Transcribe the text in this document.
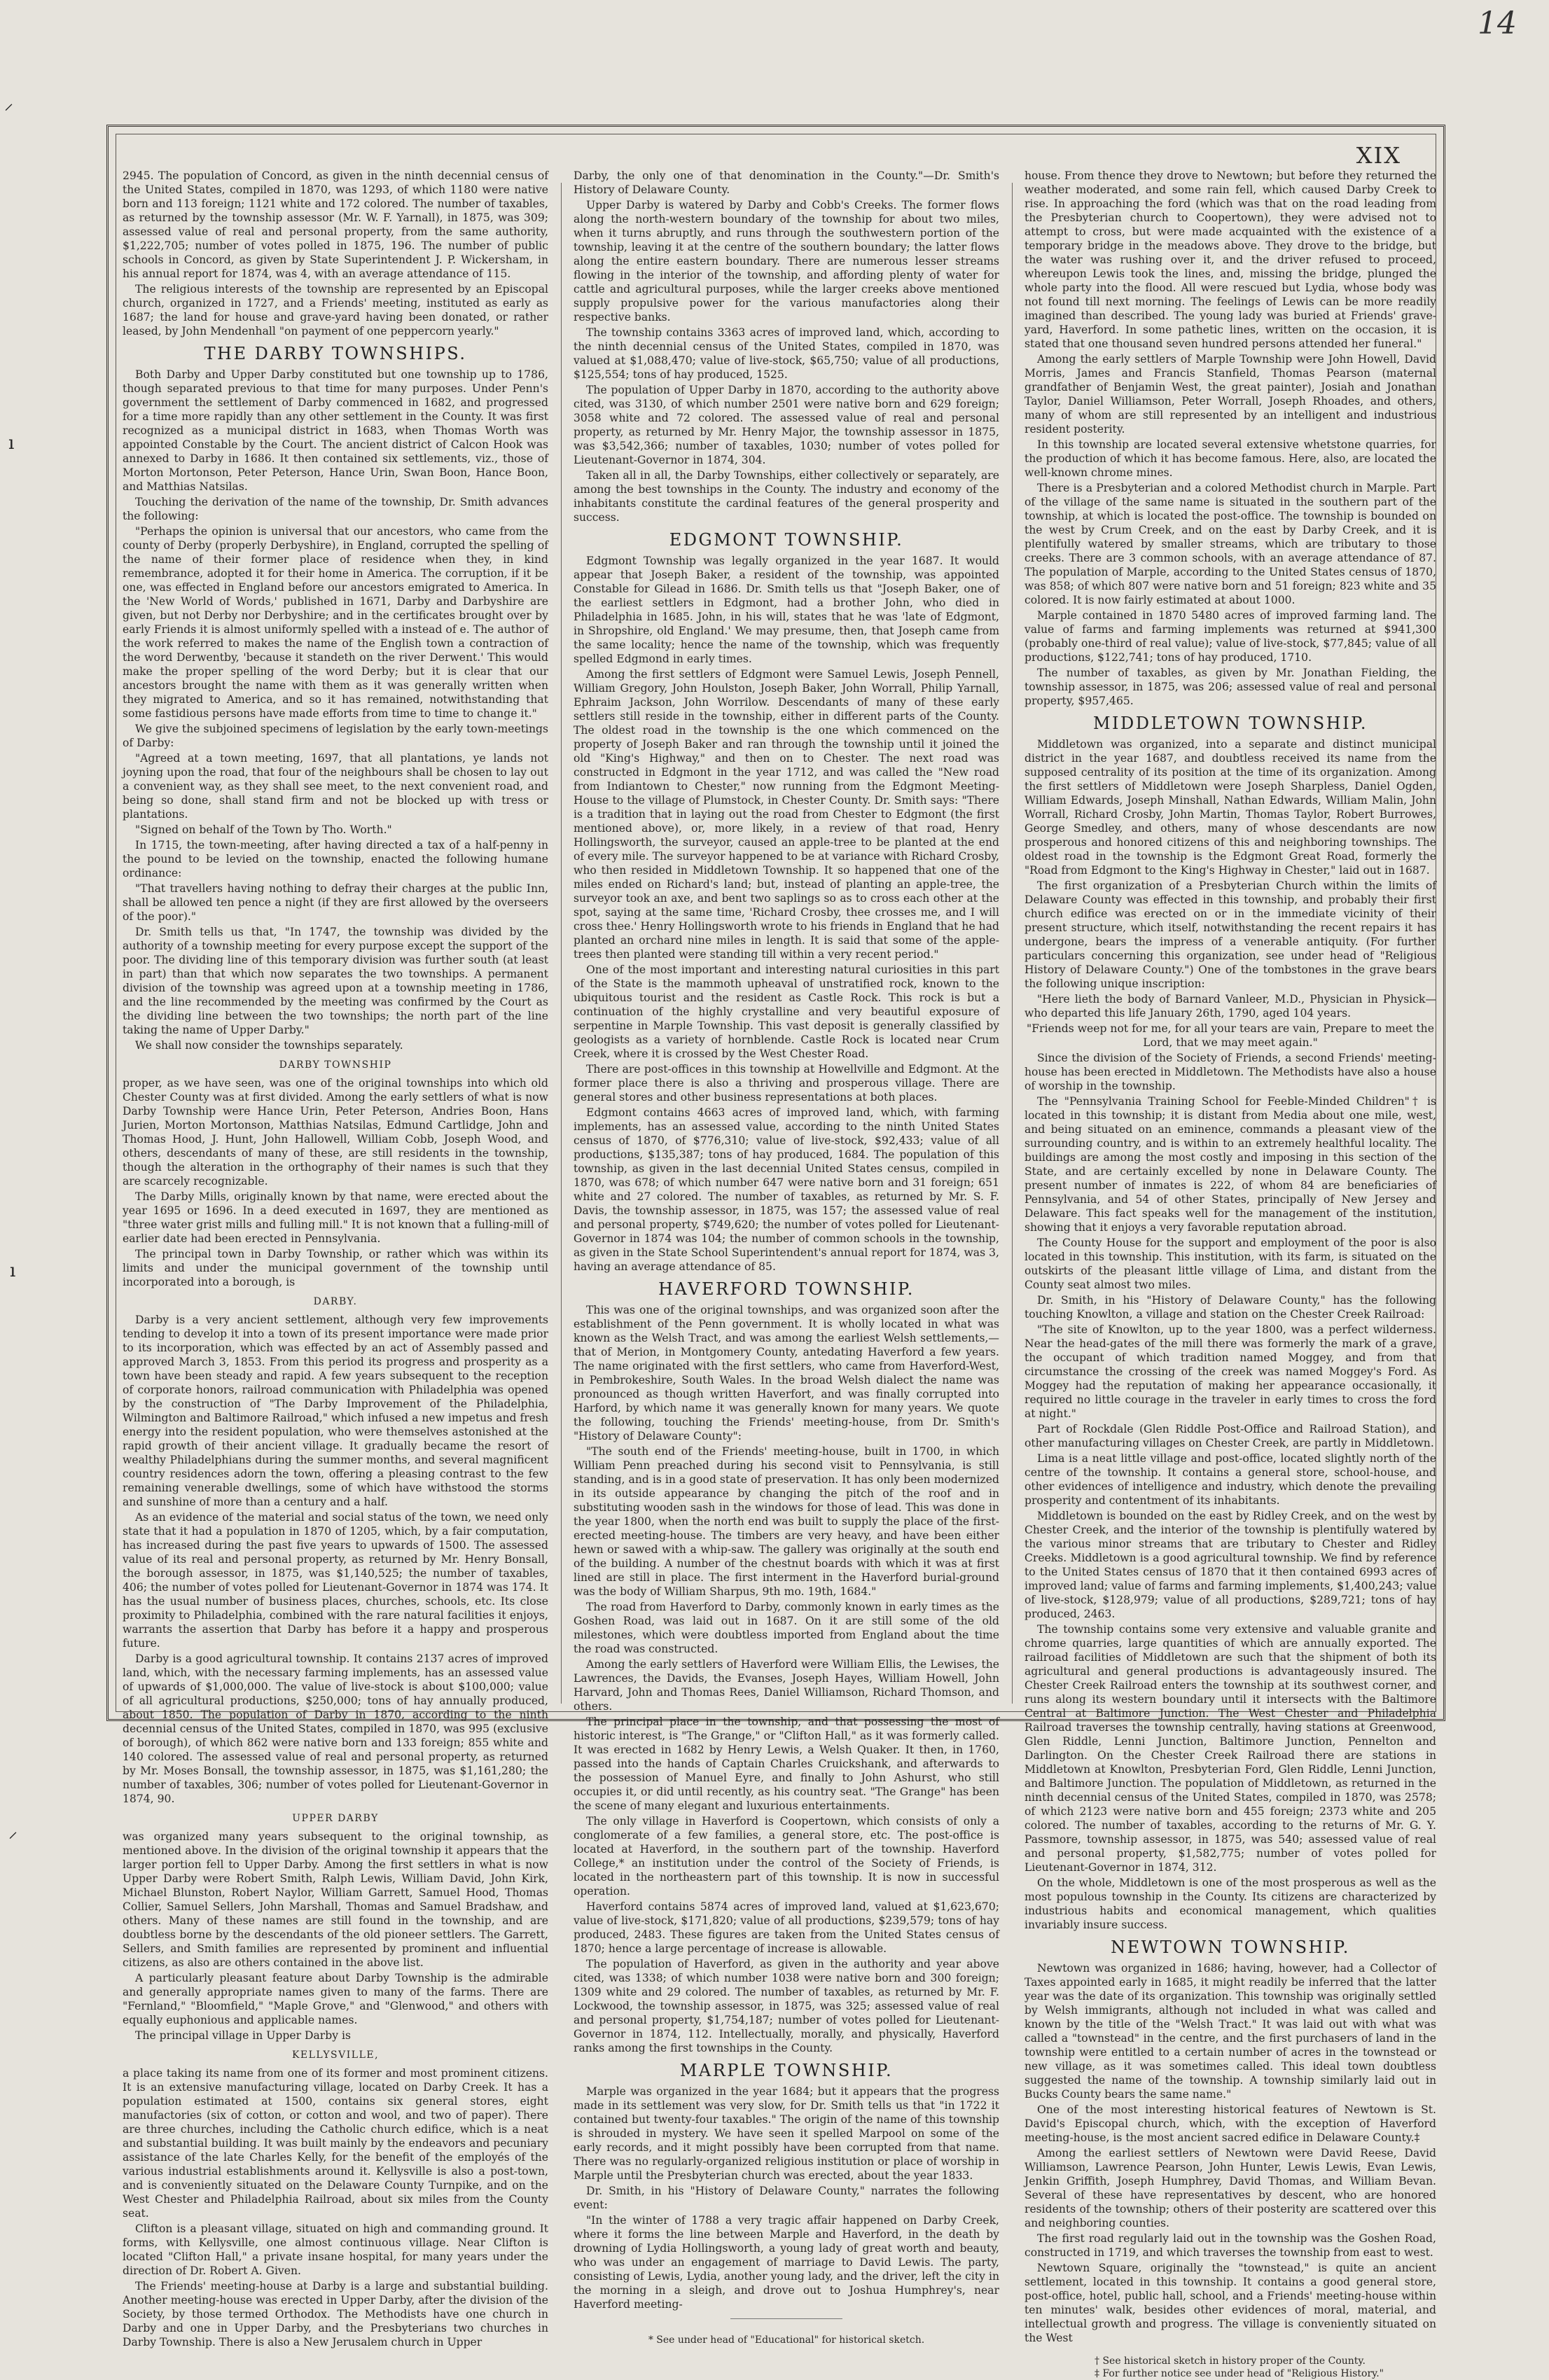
14
⸝
ı
ı
⸝
XIX

2945. The population of Concord, as given in the ninth decennial census of the United States, compiled in 1870, was 1293, of which 1180 were native born and 113 foreign; 1121 white and 172 colored. The number of taxables, as returned by the township assessor (Mr. W. F. Yarnall), in 1875, was 309; assessed value of real and personal property, from the same authority, $1,222,705; number of votes polled in 1875, 196. The number of public schools in Concord, as given by State Superintendent J. P. Wickersham, in his annual report for 1874, was 4, with an average attendance of 115.

The religious interests of the township are represented by an Episcopal church, organized in 1727, and a Friends' meeting, instituted as early as 1687; the land for house and grave-yard having been donated, or rather leased, by John Mendenhall "on payment of one peppercorn yearly."

THE DARBY TOWNSHIPS.

Both Darby and Upper Darby constituted but one township up to 1786, though separated previous to that time for many purposes. Under Penn's government the settlement of Darby commenced in 1682, and progressed for a time more rapidly than any other settlement in the County. It was first recognized as a municipal district in 1683, when Thomas Worth was appointed Constable by the Court. The ancient district of Calcon Hook was annexed to Darby in 1686. It then contained six settlements, viz., those of Morton Mortonson, Peter Peterson, Hance Urin, Swan Boon, Hance Boon, and Matthias Natsilas.

Touching the derivation of the name of the township, Dr. Smith advances the following:

"Perhaps the opinion is universal that our ancestors, who came from the county of Derby (properly Derbyshire), in England, corrupted the spelling of the name of their former place of residence when they, in kind remembrance, adopted it for their home in America. The corruption, if it be one, was effected in England before our ancestors emigrated to America. In the 'New World of Words,' published in 1671, Darby and Darbyshire are given, but not Derby nor Derbyshire; and in the certificates brought over by early Friends it is almost uniformly spelled with a instead of e. The author of the work referred to makes the name of the English town a contraction of the word Derwentby, 'because it standeth on the river Derwent.' This would make the proper spelling of the word Derby; but it is clear that our ancestors brought the name with them as it was generally written when they migrated to America, and so it has remained, notwithstanding that some fastidious persons have made efforts from time to time to change it."

We give the subjoined specimens of legislation by the early town-meetings of Darby:

"Agreed at a town meeting, 1697, that all plantations, ye lands not joyning upon the road, that four of the neighbours shall be chosen to lay out a convenient way, as they shall see meet, to the next convenient road, and being so done, shall stand firm and not be blocked up with tress or plantations.

"Signed on behalf of the Town by Tho. Worth."

In 1715, the town-meeting, after having directed a tax of a half-penny in the pound to be levied on the township, enacted the following humane ordinance:

"That travellers having nothing to defray their charges at the public Inn, shall be allowed ten pence a night (if they are first allowed by the overseers of the poor)."

Dr. Smith tells us that, "In 1747, the township was divided by the authority of a township meeting for every purpose except the support of the poor. The dividing line of this temporary division was further south (at least in part) than that which now separates the two townships. A permanent division of the township was agreed upon at a township meeting in 1786, and the line recommended by the meeting was confirmed by the Court as the dividing line between the two townships; the north part of the line taking the name of Upper Darby."

We shall now consider the townships separately.

DARBY TOWNSHIP

proper, as we have seen, was one of the original townships into which old Chester County was at first divided. Among the early settlers of what is now Darby Township were Hance Urin, Peter Peterson, Andries Boon, Hans Jurien, Morton Mortonson, Matthias Natsilas, Edmund Cartlidge, John and Thomas Hood, J. Hunt, John Hallowell, William Cobb, Joseph Wood, and others, descendants of many of these, are still residents in the township, though the alteration in the orthography of their names is such that they are scarcely recognizable.

The Darby Mills, originally known by that name, were erected about the year 1695 or 1696. In a deed executed in 1697, they are mentioned as "three water grist mills and fulling mill." It is not known that a fulling-mill of earlier date had been erected in Pennsylvania.

The principal town in Darby Township, or rather which was within its limits and under the municipal government of the township until incorporated into a borough, is

DARBY.

Darby is a very ancient settlement, although very few improvements tending to develop it into a town of its present importance were made prior to its incorporation, which was effected by an act of Assembly passed and approved March 3, 1853. From this period its progress and prosperity as a town have been steady and rapid. A few years subsequent to the reception of corporate honors, railroad communication with Philadelphia was opened by the construction of "The Darby Improvement of the Philadelphia, Wilmington and Baltimore Railroad," which infused a new impetus and fresh energy into the resident population, who were themselves astonished at the rapid growth of their ancient village. It gradually became the resort of wealthy Philadelphians during the summer months, and several magnificent country residences adorn the town, offering a pleasing contrast to the few remaining venerable dwellings, some of which have withstood the storms and sunshine of more than a century and a half.

As an evidence of the material and social status of the town, we need only state that it had a population in 1870 of 1205, which, by a fair computation, has increased during the past five years to upwards of 1500. The assessed value of its real and personal property, as returned by Mr. Henry Bonsall, the borough assessor, in 1875, was $1,140,525; the number of taxables, 406; the number of votes polled for Lieutenant-Governor in 1874 was 174. It has the usual number of business places, churches, schools, etc. Its close proximity to Philadelphia, combined with the rare natural facilities it enjoys, warrants the assertion that Darby has before it a happy and prosperous future.

Darby is a good agricultural township. It contains 2137 acres of improved land, which, with the necessary farming implements, has an assessed value of upwards of $1,000,000. The value of live-stock is about $100,000; value of all agricultural productions, $250,000; tons of hay annually produced, about 1850. The population of Darby in 1870, according to the ninth decennial census of the United States, compiled in 1870, was 995 (exclusive of borough), of which 862 were native born and 133 foreign; 855 white and 140 colored. The assessed value of real and personal property, as returned by Mr. Moses Bonsall, the township assessor, in 1875, was $1,161,280; the number of taxables, 306; number of votes polled for Lieutenant-Governor in 1874, 90.

UPPER DARBY

was organized many years subsequent to the original township, as mentioned above. In the division of the original township it appears that the larger portion fell to Upper Darby. Among the first settlers in what is now Upper Darby were Robert Smith, Ralph Lewis, William David, John Kirk, Michael Blunston, Robert Naylor, William Garrett, Samuel Hood, Thomas Collier, Samuel Sellers, John Marshall, Thomas and Samuel Bradshaw, and others. Many of these names are still found in the township, and are doubtless borne by the descendants of the old pioneer settlers. The Garrett, Sellers, and Smith families are represented by prominent and influential citizens, as also are others contained in the above list.

A particularly pleasant feature about Darby Township is the admirable and generally appropriate names given to many of the farms. There are "Fernland," "Bloomfield," "Maple Grove," and "Glenwood," and others with equally euphonious and applicable names.

The principal village in Upper Darby is

KELLYSVILLE,

a place taking its name from one of its former and most prominent citizens. It is an extensive manufacturing village, located on Darby Creek. It has a population estimated at 1500, contains six general stores, eight manufactories (six of cotton, or cotton and wool, and two of paper). There are three churches, including the Catholic church edifice, which is a neat and substantial building. It was built mainly by the endeavors and pecuniary assistance of the late Charles Kelly, for the benefit of the employés of the various industrial establishments around it. Kellysville is also a post-town, and is conveniently situated on the Delaware County Turnpike, and on the West Chester and Philadelphia Railroad, about six miles from the County seat.

Clifton is a pleasant village, situated on high and commanding ground. It forms, with Kellysville, one almost continuous village. Near Clifton is located "Clifton Hall," a private insane hospital, for many years under the direction of Dr. Robert A. Given.

The Friends' meeting-house at Darby is a large and substantial building. Another meeting-house was erected in Upper Darby, after the division of the Society, by those termed Orthodox. The Methodists have one church in Darby and one in Upper Darby, and the Presbyterians two churches in Darby Township. There is also a New Jerusalem church in Upper

Darby, the only one of that denomination in the County."—Dr. Smith's History of Delaware County.

Upper Darby is watered by Darby and Cobb's Creeks. The former flows along the north-western boundary of the township for about two miles, when it turns abruptly, and runs through the southwestern portion of the township, leaving it at the centre of the southern boundary; the latter flows along the entire eastern boundary. There are numerous lesser streams flowing in the interior of the township, and affording plenty of water for cattle and agricultural purposes, while the larger creeks above mentioned supply propulsive power for the various manufactories along their respective banks.

The township contains 3363 acres of improved land, which, according to the ninth decennial census of the United States, compiled in 1870, was valued at $1,088,470; value of live-stock, $65,750; value of all productions, $125,554; tons of hay produced, 1525.

The population of Upper Darby in 1870, according to the authority above cited, was 3130, of which number 2501 were native born and 629 foreign; 3058 white and 72 colored. The assessed value of real and personal property, as returned by Mr. Henry Major, the township assessor in 1875, was $3,542,366; number of taxables, 1030; number of votes polled for Lieutenant-Governor in 1874, 304.

Taken all in all, the Darby Townships, either collectively or separately, are among the best townships in the County. The industry and economy of the inhabitants constitute the cardinal features of the general prosperity and success.

EDGMONT TOWNSHIP.

Edgmont Township was legally organized in the year 1687. It would appear that Joseph Baker, a resident of the township, was appointed Constable for Gilead in 1686. Dr. Smith tells us that "Joseph Baker, one of the earliest settlers in Edgmont, had a brother John, who died in Philadelphia in 1685. John, in his will, states that he was 'late of Edgmont, in Shropshire, old England.' We may presume, then, that Joseph came from the same locality; hence the name of the township, which was frequently spelled Edgmond in early times.

Among the first settlers of Edgmont were Samuel Lewis, Joseph Pennell, William Gregory, John Houlston, Joseph Baker, John Worrall, Philip Yarnall, Ephraim Jackson, John Worrilow. Descendants of many of these early settlers still reside in the township, either in different parts of the County. The oldest road in the township is the one which commenced on the property of Joseph Baker and ran through the township until it joined the old "King's Highway," and then on to Chester. The next road was constructed in Edgmont in the year 1712, and was called the "New road from Indiantown to Chester," now running from the Edgmont Meeting-House to the village of Plumstock, in Chester County. Dr. Smith says: "There is a tradition that in laying out the road from Chester to Edgmont (the first mentioned above), or, more likely, in a review of that road, Henry Hollingsworth, the surveyor, caused an apple-tree to be planted at the end of every mile. The surveyor happened to be at variance with Richard Crosby, who then resided in Middletown Township. It so happened that one of the miles ended on Richard's land; but, instead of planting an apple-tree, the surveyor took an axe, and bent two saplings so as to cross each other at the spot, saying at the same time, 'Richard Crosby, thee crosses me, and I will cross thee.' Henry Hollingsworth wrote to his friends in England that he had planted an orchard nine miles in length. It is said that some of the apple-trees then planted were standing till within a very recent period."

One of the most important and interesting natural curiosities in this part of the State is the mammoth upheaval of unstratified rock, known to the ubiquitous tourist and the resident as Castle Rock. This rock is but a continuation of the highly crystalline and very beautiful exposure of serpentine in Marple Township. This vast deposit is generally classified by geologists as a variety of hornblende. Castle Rock is located near Crum Creek, where it is crossed by the West Chester Road.

There are post-offices in this township at Howellville and Edgmont. At the former place there is also a thriving and prosperous village. There are general stores and other business representations at both places.

Edgmont contains 4663 acres of improved land, which, with farming implements, has an assessed value, according to the ninth United States census of 1870, of $776,310; value of live-stock, $92,433; value of all productions, $135,387; tons of hay produced, 1684. The population of this township, as given in the last decennial United States census, compiled in 1870, was 678; of which number 647 were native born and 31 foreign; 651 white and 27 colored. The number of taxables, as returned by Mr. S. F. Davis, the township assessor, in 1875, was 157; the assessed value of real and personal property, $749,620; the number of votes polled for Lieutenant-Governor in 1874 was 104; the number of common schools in the township, as given in the State School Superintendent's annual report for 1874, was 3, having an average attendance of 85.

HAVERFORD TOWNSHIP.

This was one of the original townships, and was organized soon after the establishment of the Penn government. It is wholly located in what was known as the Welsh Tract, and was among the earliest Welsh settlements,—that of Merion, in Montgomery County, antedating Haverford a few years. The name originated with the first settlers, who came from Haverford-West, in Pembrokeshire, South Wales. In the broad Welsh dialect the name was pronounced as though written Haverfort, and was finally corrupted into Harford, by which name it was generally known for many years. We quote the following, touching the Friends' meeting-house, from Dr. Smith's "History of Delaware County":

"The south end of the Friends' meeting-house, built in 1700, in which William Penn preached during his second visit to Pennsylvania, is still standing, and is in a good state of preservation. It has only been modernized in its outside appearance by changing the pitch of the roof and in substituting wooden sash in the windows for those of lead. This was done in the year 1800, when the north end was built to supply the place of the first-erected meeting-house. The timbers are very heavy, and have been either hewn or sawed with a whip-saw. The gallery was originally at the south end of the building. A number of the chestnut boards with which it was at first lined are still in place. The first interment in the Haverford burial-ground was the body of William Sharpus, 9th mo. 19th, 1684."

The road from Haverford to Darby, commonly known in early times as the Goshen Road, was laid out in 1687. On it are still some of the old milestones, which were doubtless imported from England about the time the road was constructed.

Among the early settlers of Haverford were William Ellis, the Lewises, the Lawrences, the Davids, the Evanses, Joseph Hayes, William Howell, John Harvard, John and Thomas Rees, Daniel Williamson, Richard Thomson, and others.

The principal place in the township, and that possessing the most of historic interest, is "The Grange," or "Clifton Hall," as it was formerly called. It was erected in 1682 by Henry Lewis, a Welsh Quaker. It then, in 1760, passed into the hands of Captain Charles Cruickshank, and afterwards to the possession of Manuel Eyre, and finally to John Ashurst, who still occupies it, or did until recently, as his country seat. "The Grange" has been the scene of many elegant and luxurious entertainments.

The only village in Haverford is Coopertown, which consists of only a conglomerate of a few families, a general store, etc. The post-office is located at Haverford, in the southern part of the township. Haverford College,* an institution under the control of the Society of Friends, is located in the northeastern part of this township. It is now in successful operation.

Haverford contains 5874 acres of improved land, valued at $1,623,670; value of live-stock, $171,820; value of all productions, $239,579; tons of hay produced, 2483. These figures are taken from the United States census of 1870; hence a large percentage of increase is allowable.

The population of Haverford, as given in the authority and year above cited, was 1338; of which number 1038 were native born and 300 foreign; 1309 white and 29 colored. The number of taxables, as returned by Mr. F. Lockwood, the township assessor, in 1875, was 325; assessed value of real and personal property, $1,754,187; number of votes polled for Lieutenant-Governor in 1874, 112. Intellectually, morally, and physically, Haverford ranks among the first townships in the County.

MARPLE TOWNSHIP.

Marple was organized in the year 1684; but it appears that the progress made in its settlement was very slow, for Dr. Smith tells us that "in 1722 it contained but twenty-four taxables." The origin of the name of this township is shrouded in mystery. We have seen it spelled Marpool on some of the early records, and it might possibly have been corrupted from that name. There was no regularly-organized religious institution or place of worship in Marple until the Presbyterian church was erected, about the year 1833.

Dr. Smith, in his "History of Delaware County," narrates the following event:

"In the winter of 1788 a very tragic affair happened on Darby Creek, where it forms the line between Marple and Haverford, in the death by drowning of Lydia Hollingsworth, a young lady of great worth and beauty, who was under an engagement of marriage to David Lewis. The party, consisting of Lewis, Lydia, another young lady, and the driver, left the city in the morning in a sleigh, and drove out to Joshua Humphrey's, near Haverford meeting-

* See under head of "Educational" for historical sketch.

house. From thence they drove to Newtown; but before they returned the weather moderated, and some rain fell, which caused Darby Creek to rise. In approaching the ford (which was that on the road leading from the Presbyterian church to Coopertown), they were advised not to attempt to cross, but were made acquainted with the existence of a temporary bridge in the meadows above. They drove to the bridge, but the water was rushing over it, and the driver refused to proceed, whereupon Lewis took the lines, and, missing the bridge, plunged the whole party into the flood. All were rescued but Lydia, whose body was not found till next morning. The feelings of Lewis can be more readily imagined than described. The young lady was buried at Friends' grave-yard, Haverford. In some pathetic lines, written on the occasion, it is stated that one thousand seven hundred persons attended her funeral."

Among the early settlers of Marple Township were John Howell, David Morris, James and Francis Stanfield, Thomas Pearson (maternal grandfather of Benjamin West, the great painter), Josiah and Jonathan Taylor, Daniel Williamson, Peter Worrall, Joseph Rhoades, and others, many of whom are still represented by an intelligent and industrious resident posterity.

In this township are located several extensive whetstone quarries, for the production of which it has become famous. Here, also, are located the well-known chrome mines.

There is a Presbyterian and a colored Methodist church in Marple. Part of the village of the same name is situated in the southern part of the township, at which is located the post-office. The township is bounded on the west by Crum Creek, and on the east by Darby Creek, and it is plentifully watered by smaller streams, which are tributary to those creeks. There are 3 common schools, with an average attendance of 87. The population of Marple, according to the United States census of 1870, was 858; of which 807 were native born and 51 foreign; 823 white and 35 colored. It is now fairly estimated at about 1000.

Marple contained in 1870 5480 acres of improved farming land. The value of farms and farming implements was returned at $941,300 (probably one-third of real value); value of live-stock, $77,845; value of all productions, $122,741; tons of hay produced, 1710.

The number of taxables, as given by Mr. Jonathan Fielding, the township assessor, in 1875, was 206; assessed value of real and personal property, $957,465.

MIDDLETOWN TOWNSHIP.

Middletown was organized, into a separate and distinct municipal district in the year 1687, and doubtless received its name from the supposed centrality of its position at the time of its organization. Among the first settlers of Middletown were Joseph Sharpless, Daniel Ogden, William Edwards, Joseph Minshall, Nathan Edwards, William Malin, John Worrall, Richard Crosby, John Martin, Thomas Taylor, Robert Burrowes, George Smedley, and others, many of whose descendants are now prosperous and honored citizens of this and neighboring townships. The oldest road in the township is the Edgmont Great Road, formerly the "Road from Edgmont to the King's Highway in Chester," laid out in 1687.

The first organization of a Presbyterian Church within the limits of Delaware County was effected in this township, and probably their first church edifice was erected on or in the immediate vicinity of their present structure, which itself, notwithstanding the recent repairs it has undergone, bears the impress of a venerable antiquity. (For further particulars concerning this organization, see under head of "Religious History of Delaware County.") One of the tombstones in the grave bears the following unique inscription:

"Here lieth the body of Barnard Vanleer, M.D., Physician in Physick—who departed this life January 26th, 1790, aged 104 years.

"Friends weep not for me, for all your tears are vain, Prepare to meet the Lord, that we may meet again."

Since the division of the Society of Friends, a second Friends' meeting-house has been erected in Middletown. The Methodists have also a house of worship in the township.

The "Pennsylvania Training School for Feeble-Minded Children"† is located in this township; it is distant from Media about one mile, west, and being situated on an eminence, commands a pleasant view of the surrounding country, and is within to an extremely healthful locality. The buildings are among the most costly and imposing in this section of the State, and are certainly excelled by none in Delaware County. The present number of inmates is 222, of whom 84 are beneficiaries of Pennsylvania, and 54 of other States, principally of New Jersey and Delaware. This fact speaks well for the management of the institution, showing that it enjoys a very favorable reputation abroad.

The County House for the support and employment of the poor is also located in this township. This institution, with its farm, is situated on the outskirts of the pleasant little village of Lima, and distant from the County seat almost two miles.

Dr. Smith, in his "History of Delaware County," has the following touching Knowlton, a village and station on the Chester Creek Railroad:

"The site of Knowlton, up to the year 1800, was a perfect wilderness. Near the head-gates of the mill there was formerly the mark of a grave, the occupant of which tradition named Moggey, and from that circumstance the crossing of the creek was named Moggey's Ford. As Moggey had the reputation of making her appearance occasionally, it required no little courage in the traveler in early times to cross the ford at night."

Part of Rockdale (Glen Riddle Post-Office and Railroad Station), and other manufacturing villages on Chester Creek, are partly in Middletown.

Lima is a neat little village and post-office, located slightly north of the centre of the township. It contains a general store, school-house, and other evidences of intelligence and industry, which denote the prevailing prosperity and contentment of its inhabitants.

Middletown is bounded on the east by Ridley Creek, and on the west by Chester Creek, and the interior of the township is plentifully watered by the various minor streams that are tributary to Chester and Ridley Creeks. Middletown is a good agricultural township. We find by reference to the United States census of 1870 that it then contained 6993 acres of improved land; value of farms and farming implements, $1,400,243; value of live-stock, $128,979; value of all productions, $289,721; tons of hay produced, 2463.

The township contains some very extensive and valuable granite and chrome quarries, large quantities of which are annually exported. The railroad facilities of Middletown are such that the shipment of both its agricultural and general productions is advantageously insured. The Chester Creek Railroad enters the township at its southwest corner, and runs along its western boundary until it intersects with the Baltimore Central at Baltimore Junction. The West Chester and Philadelphia Railroad traverses the township centrally, having stations at Greenwood, Glen Riddle, Lenni Junction, Baltimore Junction, Pennelton and Darlington. On the Chester Creek Railroad there are stations in Middletown at Knowlton, Presbyterian Ford, Glen Riddle, Lenni Junction, and Baltimore Junction. The population of Middletown, as returned in the ninth decennial census of the United States, compiled in 1870, was 2578; of which 2123 were native born and 455 foreign; 2373 white and 205 colored. The number of taxables, according to the returns of Mr. G. Y. Passmore, township assessor, in 1875, was 540; assessed value of real and personal property, $1,582,775; number of votes polled for Lieutenant-Governor in 1874, 312.

On the whole, Middletown is one of the most prosperous as well as the most populous township in the County. Its citizens are characterized by industrious habits and economical management, which qualities invariably insure success.

NEWTOWN TOWNSHIP.

Newtown was organized in 1686; having, however, had a Collector of Taxes appointed early in 1685, it might readily be inferred that the latter year was the date of its organization. This township was originally settled by Welsh immigrants, although not included in what was called and known by the title of the "Welsh Tract." It was laid out with what was called a "townstead" in the centre, and the first purchasers of land in the township were entitled to a certain number of acres in the townstead or new village, as it was sometimes called. This ideal town doubtless suggested the name of the township. A township similarly laid out in Bucks County bears the same name."

One of the most interesting historical features of Newtown is St. David's Episcopal church, which, with the exception of Haverford meeting-house, is the most ancient sacred edifice in Delaware County.‡

Among the earliest settlers of Newtown were David Reese, David Williamson, Lawrence Pearson, John Hunter, Lewis Lewis, Evan Lewis, Jenkin Griffith, Joseph Humphrey, David Thomas, and William Bevan. Several of these have representatives by descent, who are honored residents of the township; others of their posterity are scattered over this and neighboring counties.

The first road regularly laid out in the township was the Goshen Road, constructed in 1719, and which traverses the township from east to west.

Newtown Square, originally the "townstead," is quite an ancient settlement, located in this township. It contains a good general store, post-office, hotel, public hall, school, and a Friends' meeting-house within ten minutes' walk, besides other evidences of moral, material, and intellectual growth and progress. The village is conveniently situated on the West

† See historical sketch in history proper of the County.
‡ For further notice see under head of "Religious History."
